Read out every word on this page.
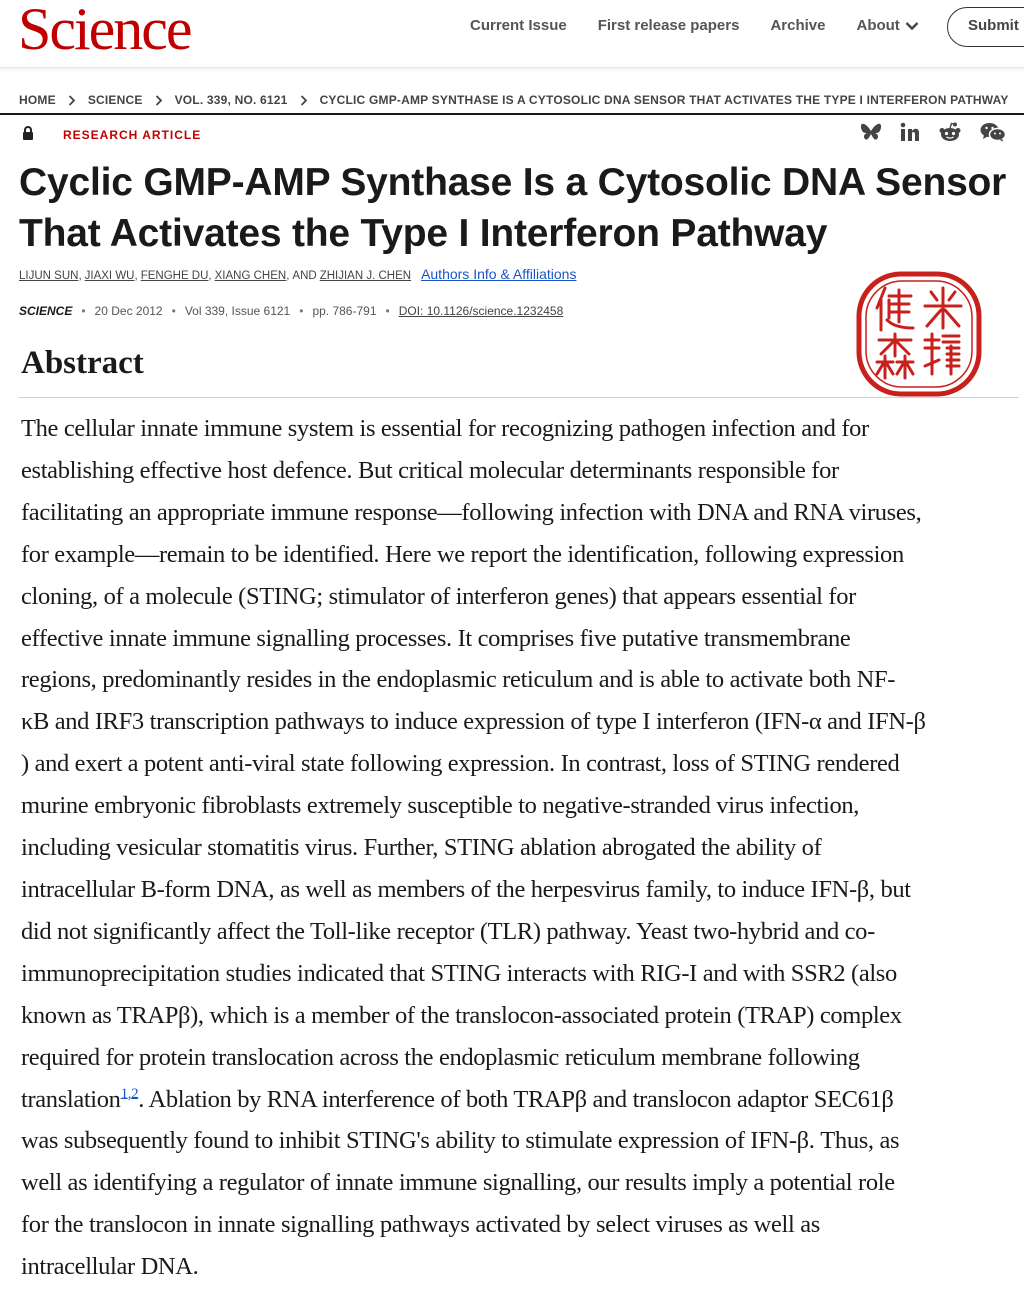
Science	Current Issue First release papers Archive About	Submit
HOME	SCIENCE	VOL. 339, NO. 6121	CYCLIC GMP-AMP SYNTHASE IS A CYTOSOLIC DNA SENSOR THAT ACTIVATES THE TYPE I INTERFERON PATHWAY
RESEARCH ARTICLE
Cyclic GMP-AMP Synthase Is a Cytosolic DNA Sensor
That Activates the Type I Interferon Pathway
LIJUN SUN , JIAXI WU , FENGHE DU , XIANG CHEN , AND ZHIJIAN J. CHEN Authors Info & Affiliations
SCIENCE • 20 Dec 2012 • Vol 339, Issue 6121 • pp. 786-791 • DOI: 10.1126/science.1232458
Abstract
The cellular innate immune system is essential for recognizing pathogen infection and for
establishing effective host defence. But critical molecular determinants responsible for
facilitating an appropriate immune response—following infection with DNA and RNA viruses,
for example—remain to be identified. Here we report the identification, following expression
cloning, of a molecule (STING; stimulator of interferon genes) that appears essential for
effective innate immune signalling processes. It comprises five putative transmembrane
regions, predominantly resides in the endoplasmic reticulum and is able to activate both NF-
κB and IRF3 transcription pathways to induce expression of type I interferon (IFN-α and IFN-β
) and exert a potent anti-viral state following expression. In contrast, loss of STING rendered
murine embryonic fibroblasts extremely susceptible to negative-stranded virus infection,
including vesicular stomatitis virus. Further, STING ablation abrogated the ability of
intracellular B-form DNA, as well as members of the herpesvirus family, to induce IFN-β, but
did not significantly affect the Toll-like receptor (TLR) pathway. Yeast two-hybrid and co-
immunoprecipitation studies indicated that STING interacts with RIG-I and with SSR2 (also
known as TRAPβ), which is a member of the translocon-associated protein (TRAP) complex
required for protein translocation across the endoplasmic reticulum membrane following
translation$^{1,2}$. Ablation by RNA interference of both TRAPβ and translocon adaptor SEC61β
was subsequently found to inhibit STING's ability to stimulate expression of IFN-β. Thus, as
well as identifying a regulator of innate immune signalling, our results imply a potential role
for the translocon in innate signalling pathways activated by select viruses as well as
intracellular DNA.
